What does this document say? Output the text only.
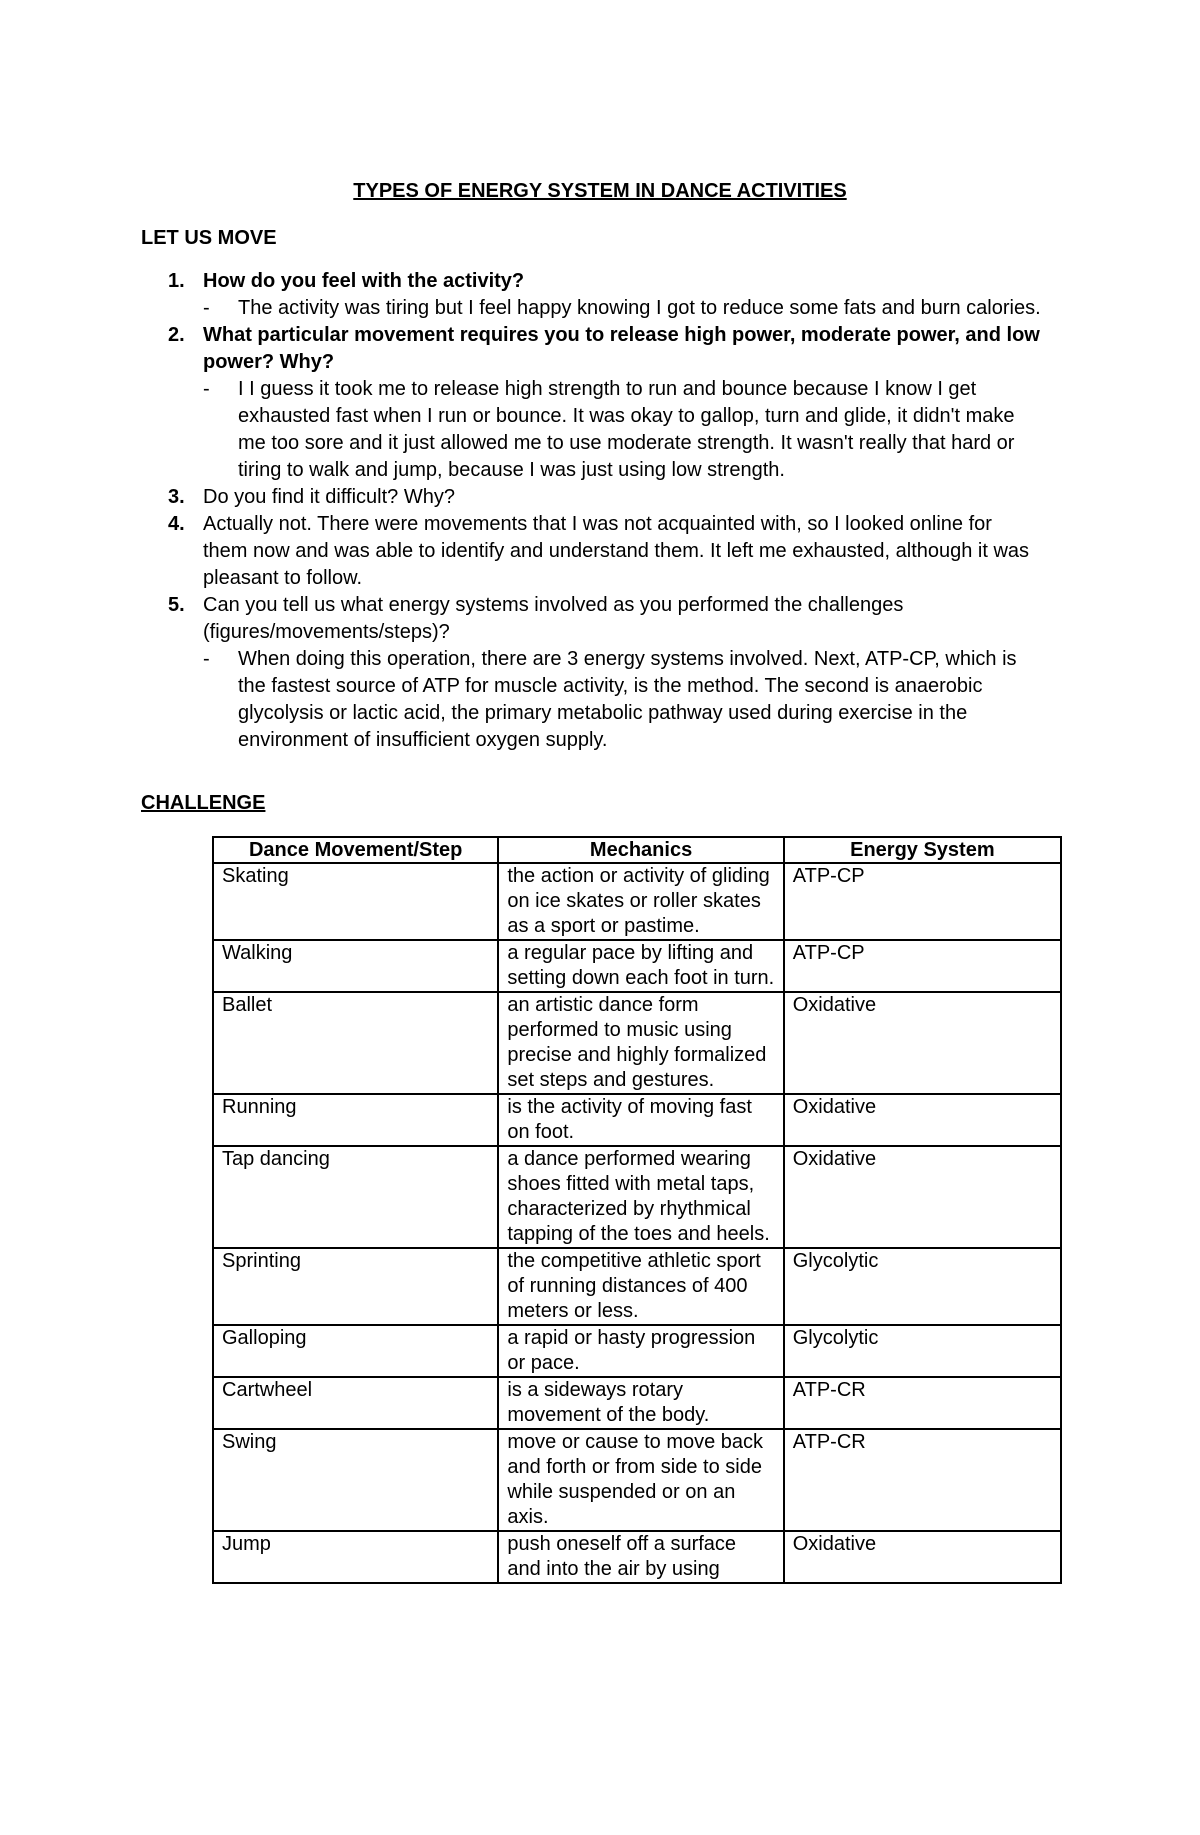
TYPES OF ENERGY SYSTEM IN DANCE ACTIVITIES
LET US MOVE
1. How do you feel with the activity?
- The activity was tiring but I feel happy knowing I got to reduce some fats and burn calories.
2. What particular movement requires you to release high power, moderate power, and low power? Why?
- I I guess it took me to release high strength to run and bounce because I know I get exhausted fast when I run or bounce. It was okay to gallop, turn and glide, it didn't make me too sore and it just allowed me to use moderate strength. It wasn't really that hard or tiring to walk and jump, because I was just using low strength.
3. Do you find it difficult? Why?
4. Actually not. There were movements that I was not acquainted with, so I looked online for them now and was able to identify and understand them. It left me exhausted, although it was pleasant to follow.
5. Can you tell us what energy systems involved as you performed the challenges (figures/movements/steps)?
- When doing this operation, there are 3 energy systems involved. Next, ATP-CP, which is the fastest source of ATP for muscle activity, is the method. The second is anaerobic glycolysis or lactic acid, the primary metabolic pathway used during exercise in the environment of insufficient oxygen supply.
CHALLENGE
Dance Movement/Step	Mechanics	Energy System
Skating	the action or activity of gliding on ice skates or roller skates as a sport or pastime.	ATP-CP
Walking	a regular pace by lifting and setting down each foot in turn.	ATP-CP
Ballet	an artistic dance form performed to music using precise and highly formalized set steps and gestures.	Oxidative
Running	is the activity of moving fast on foot.	Oxidative
Tap dancing	a dance performed wearing shoes fitted with metal taps, characterized by rhythmical tapping of the toes and heels.	Oxidative
Sprinting	the competitive athletic sport of running distances of 400 meters or less.	Glycolytic
Galloping	a rapid or hasty progression or pace.	Glycolytic
Cartwheel	is a sideways rotary movement of the body.	ATP-CR
Swing	move or cause to move back and forth or from side to side while suspended or on an axis.	ATP-CR
Jump	push oneself off a surface and into the air by using	Oxidative
